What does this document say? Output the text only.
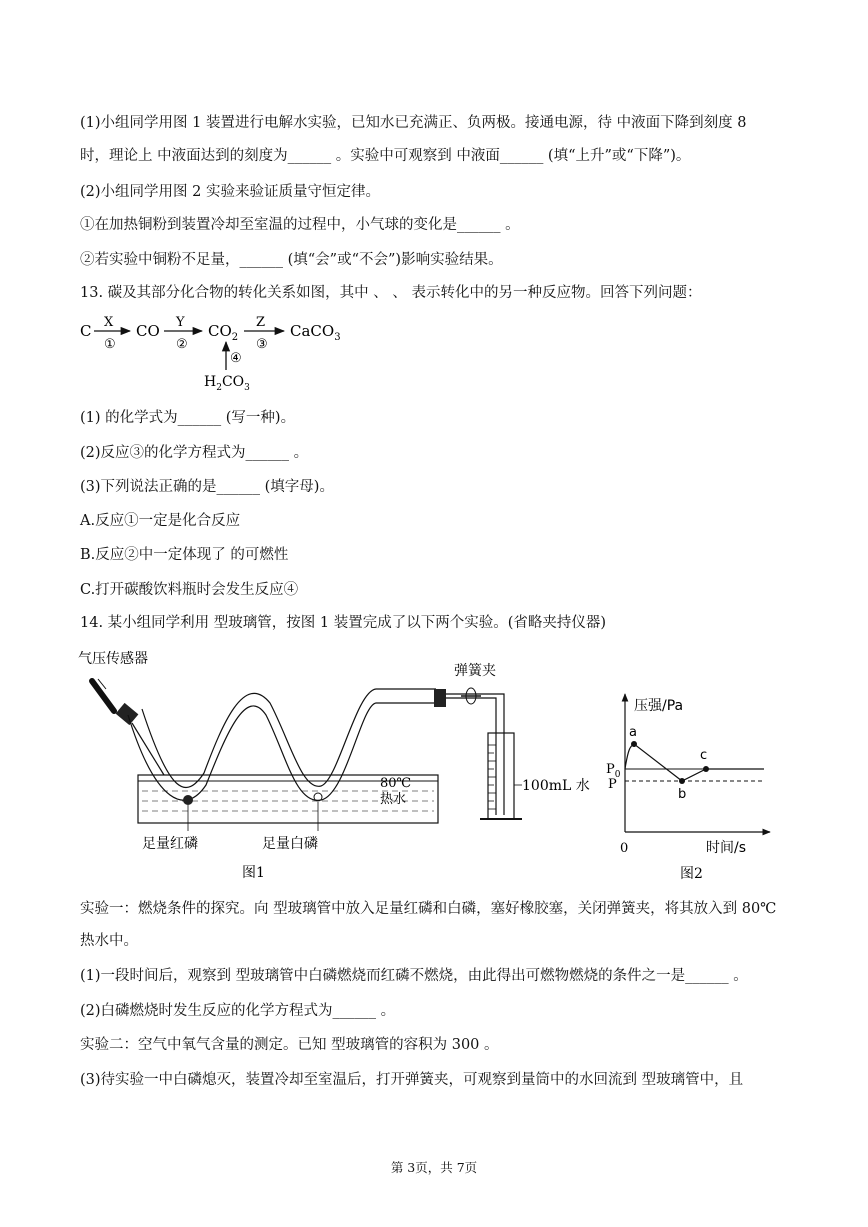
(1)小组同学用图 1 装置进行电解水实验，已知水已充满正、负两极。接通电源，待 中液面下降到刻度 8
时，理论上 中液面达到的刻度为______ 。实验中可观察到 中液面______ (填“上升”或“下降”)。
(2)小组同学用图 2 实验来验证质量守恒定律。
①在加热铜粉到装置冷却至室温的过程中，小气球的变化是______ 。
②若实验中铜粉不足量，______ (填“会”或“不会”)影响实验结果。
13. 碳及其部分化合物的转化关系如图，其中 、 、 表示转化中的另一种反应物。回答下列问题：
C X
①
CO Y
②
$CO_2$
Z
③
CaCO$_3$
④
$H_2CO_3$
(1) 的化学式为______ (写一种)。
(2)反应③的化学方程式为______ 。
(3)下列说法正确的是______ (填字母)。
A.反应①一定是化合反应
B.反应②中一定体现了 的可燃性
C.打开碳酸饮料瓶时会发生反应④
14. 某小组同学利用 型玻璃管，按图 1 装置完成了以下两个实验。(省略夹持仪器)
气压传感器
足量红磷	足量白磷
80℃
热水
弹簧夹
100mL 水
图1
压强/Pa
时间/s
0
$P_0$
P
a
b
c
图2
实验一：燃烧条件的探究。向 型玻璃管中放入足量红磷和白磷，塞好橡胶塞，关闭弹簧夹，将其放入到 80℃
热水中。
(1)一段时间后，观察到 型玻璃管中白磷燃烧而红磷不燃烧，由此得出可燃物燃烧的条件之一是______ 。
(2)白磷燃烧时发生反应的化学方程式为______ 。
实验二：空气中氧气含量的测定。已知 型玻璃管的容积为 300 。
(3)待实验一中白磷熄灭，装置冷却至室温后，打开弹簧夹，可观察到量筒中的水回流到 型玻璃管中，且
第 3页，共 7页
